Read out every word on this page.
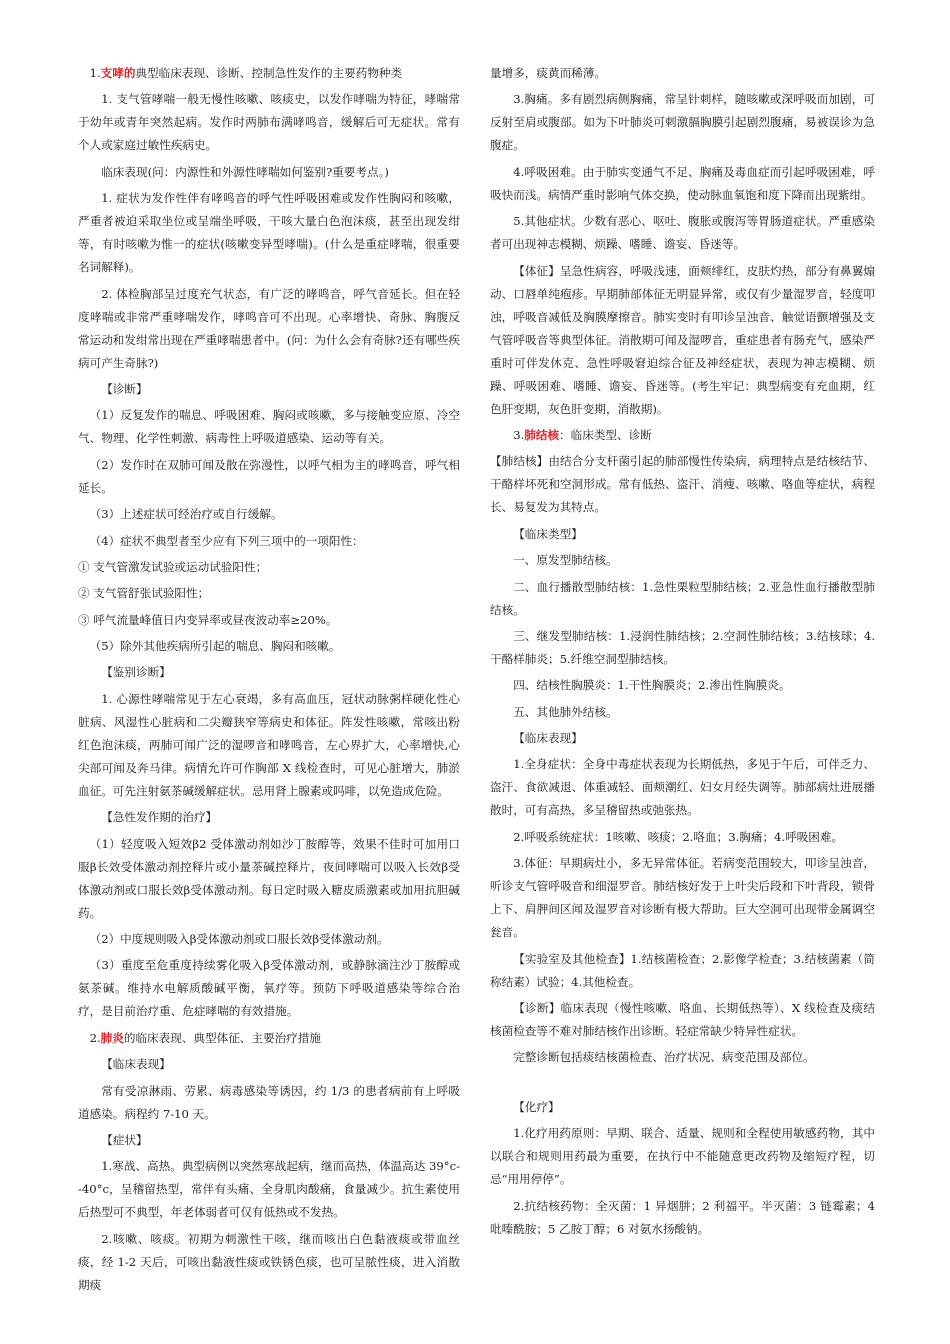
1.支哮的典型临床表现、诊断、控制急性发作的主要药物种类
1. 支气管哮喘一般无慢性咳嗽、咳痰史，以发作哮喘为特征，哮喘常于幼年或青年突然起病。发作时两肺布满哮鸣音，缓解后可无症状。常有个人或家庭过敏性疾病史。
临床表现(问：内源性和外源性哮喘如何鉴别?重要考点。)
1. 症状为发作性伴有哮鸣音的呼气性呼吸困难或发作性胸闷和咳嗽，严重者被迫采取坐位或呈端坐呼吸，干咳大量白色泡沫痰，甚至出现发绀等，有时咳嗽为惟一的症状(咳嗽变异型哮喘)。(什么是重症哮喘，很重要名词解释)。
2. 体检胸部呈过度充气状态，有广泛的哮鸣音，呼气音延长。但在轻度哮喘或非常严重哮喘发作，哮鸣音可不出现。心率增快、奇脉、胸腹反常运动和发绀常出现在严重哮喘患者中。(问：为什么会有奇脉?还有哪些疾病可产生奇脉?)
【诊断】
（1）反复发作的喘息、呼吸困难、胸闷或咳嗽，多与接触变应原、冷空气、物理、化学性刺激、病毒性上呼吸道感染、运动等有关。
（2）发作时在双肺可闻及散在弥漫性，以呼气相为主的哮鸣音，呼气相延长。
（3）上述症状可经治疗或自行缓解。
（4）症状不典型者至少应有下列三项中的一项阳性：
① 支气管激发试验或运动试验阳性；
② 支气管舒张试验阳性；
③ 呼气流量峰值日内变异率或昼夜波动率≥20%。
（5）除外其他疾病所引起的喘息、胸闷和咳嗽。
【鉴别诊断】
1. 心源性哮喘常见于左心衰竭，多有高血压，冠状动脉粥样硬化性心脏病、风湿性心脏病和二尖瓣狭窄等病史和体征。阵发性咳嗽，常咳出粉红色泡沫痰，两肺可闻广泛的湿啰音和哮鸣音，左心界扩大，心率增快,心尖部可闻及奔马律。病情允许可作胸部 X 线检查时，可见心脏增大，肺淤血征。可先注射氨茶碱缓解症状。忌用肾上腺素或吗啡，以免造成危险。
【急性发作期的治疗】
（1）轻度吸入短效β2 受体激动剂如沙丁胺醇等，效果不佳时可加用口服β长效受体激动剂控释片或小量茶碱控释片，夜间哮喘可以吸入长效β受体激动剂或口服长效β受体激动剂。每日定时吸入糖皮质激素或加用抗胆碱药。
（2）中度规则吸入β受体激动剂或口服长效β受体激动剂。
（3）重度至危重度持续雾化吸入β受体激动剂，或静脉滴注沙丁胺醇或氨茶碱。维持水电解质酸碱平衡，氧疗等。预防下呼吸道感染等综合治疗，是目前治疗重、危症哮喘的有效措施。
2.肺炎的临床表现、典型体征、主要治疗措施
【临床表现】
常有受凉淋雨、劳累、病毒感染等诱因，约 1/3 的患者病前有上呼吸道感染。病程约 7-10 天。
【症状】
1.寒战、高热。典型病例以突然寒战起病，继而高热，体温高达 39°c--40°c，呈稽留热型，常伴有头痛、全身肌肉酸痛，食量减少。抗生素使用后热型可不典型，年老体弱者可仅有低热或不发热。
2.咳嗽、咳痰。初期为刺激性干咳，继而咳出白色黏液痰或带血丝痰，经 1-2 天后，可咳出黏液性痰或铁锈色痰，也可呈脓性痰，进入消散期痰
量增多，痰黄而稀薄。
3.胸痛。多有剧烈病侧胸痛，常呈针刺样，随咳嗽或深呼吸而加剧，可反射至肩或腹部。如为下叶肺炎可刺激膈胸膜引起剧烈腹痛，易被误诊为急腹症。
4.呼吸困难。由于肺实变通气不足、胸痛及毒血症而引起呼吸困难，呼吸快而浅。病情严重时影响气体交换，使动脉血氧饱和度下降而出现紫绀。
5.其他症状。少数有恶心、呕吐、腹胀或腹泻等胃肠道症状。严重感染者可出现神志模糊、烦躁、嗜睡、谵妄、昏迷等。
【体征】呈急性病容，呼吸浅速，面颊绯红，皮肤灼热，部分有鼻翼煽动、口唇单纯疱疹。早期肺部体征无明显异常，或仅有少量湿罗音，轻度叩浊，呼吸音减低及胸膜摩擦音。肺实变时有叩诊呈浊音、触觉语颤增强及支气管呼吸音等典型体征。消散期可闻及湿啰音，重症患者有肠充气，感染严重时可伴发休克、急性呼吸窘迫综合征及神经症状，表现为神志模糊、烦躁、呼吸困难、嗜睡、谵妄、昏迷等。(考生牢记：典型病变有充血期，红色肝变期，灰色肝变期，消散期)。
3.肺结核：临床类型、诊断
【肺结核】由结合分支杆菌引起的肺部慢性传染病，病理特点是结核结节、干酪样坏死和空洞形成。常有低热、盗汗、消瘦、咳嗽、咯血等症状，病程长、易复发为其特点。
【临床类型】
一、原发型肺结核。
二、血行播散型肺结核：1.急性栗粒型肺结核；2.亚急性血行播散型肺结核。
三、继发型肺结核：1.浸润性肺结核；2.空洞性肺结核；3.结核球；4.干酪样肺炎；5.纤维空洞型肺结核。
四、结核性胸膜炎：1.干性胸膜炎；2.渗出性胸膜炎。
五、其他肺外结核。
【临床表现】
1.全身症状：全身中毒症状表现为长期低热，多见于午后，可伴乏力、盗汗、食欲减退、体重减轻、面颊潮红、妇女月经失调等。肺部病灶进展播散时，可有高热，多呈稽留热或弛张热。
2.呼吸系统症状：1咳嗽、咳痰；2.咯血；3.胸痛；4.呼吸困难。
3.体征：早期病灶小，多无异常体征。若病变范围较大，叩诊呈浊音，听诊支气管呼吸音和细湿罗音。肺结核好发于上叶尖后段和下叶背段，锁骨上下、肩胛间区闻及湿罗音对诊断有极大帮助。巨大空洞可出现带金属调空瓮音。
【实验室及其他检查】1.结核菌检查；2.影像学检查；3.结核菌素（简称结素）试验；4.其他检查。
【诊断】临床表现（慢性咳嗽、咯血、长期低热等）、X 线检查及痰结核菌检查等不难对肺结核作出诊断。轻症常缺少特异性症状。
完整诊断包括痰结核菌检查、治疗状况、病变范围及部位。
【化疗】
1.化疗用药原则：早期、联合、适量、规则和全程使用敏感药物，其中以联合和规则用药最为重要，在执行中不能随意更改药物及缩短疗程，切忌“用用停停”。
2.抗结核药物：全灭菌：1 异烟肼；2 利福平。半灭菌：3 链霉素；4 吡嗪酰胺；5 乙胺丁醇；6 对氨水扬酸钠。
